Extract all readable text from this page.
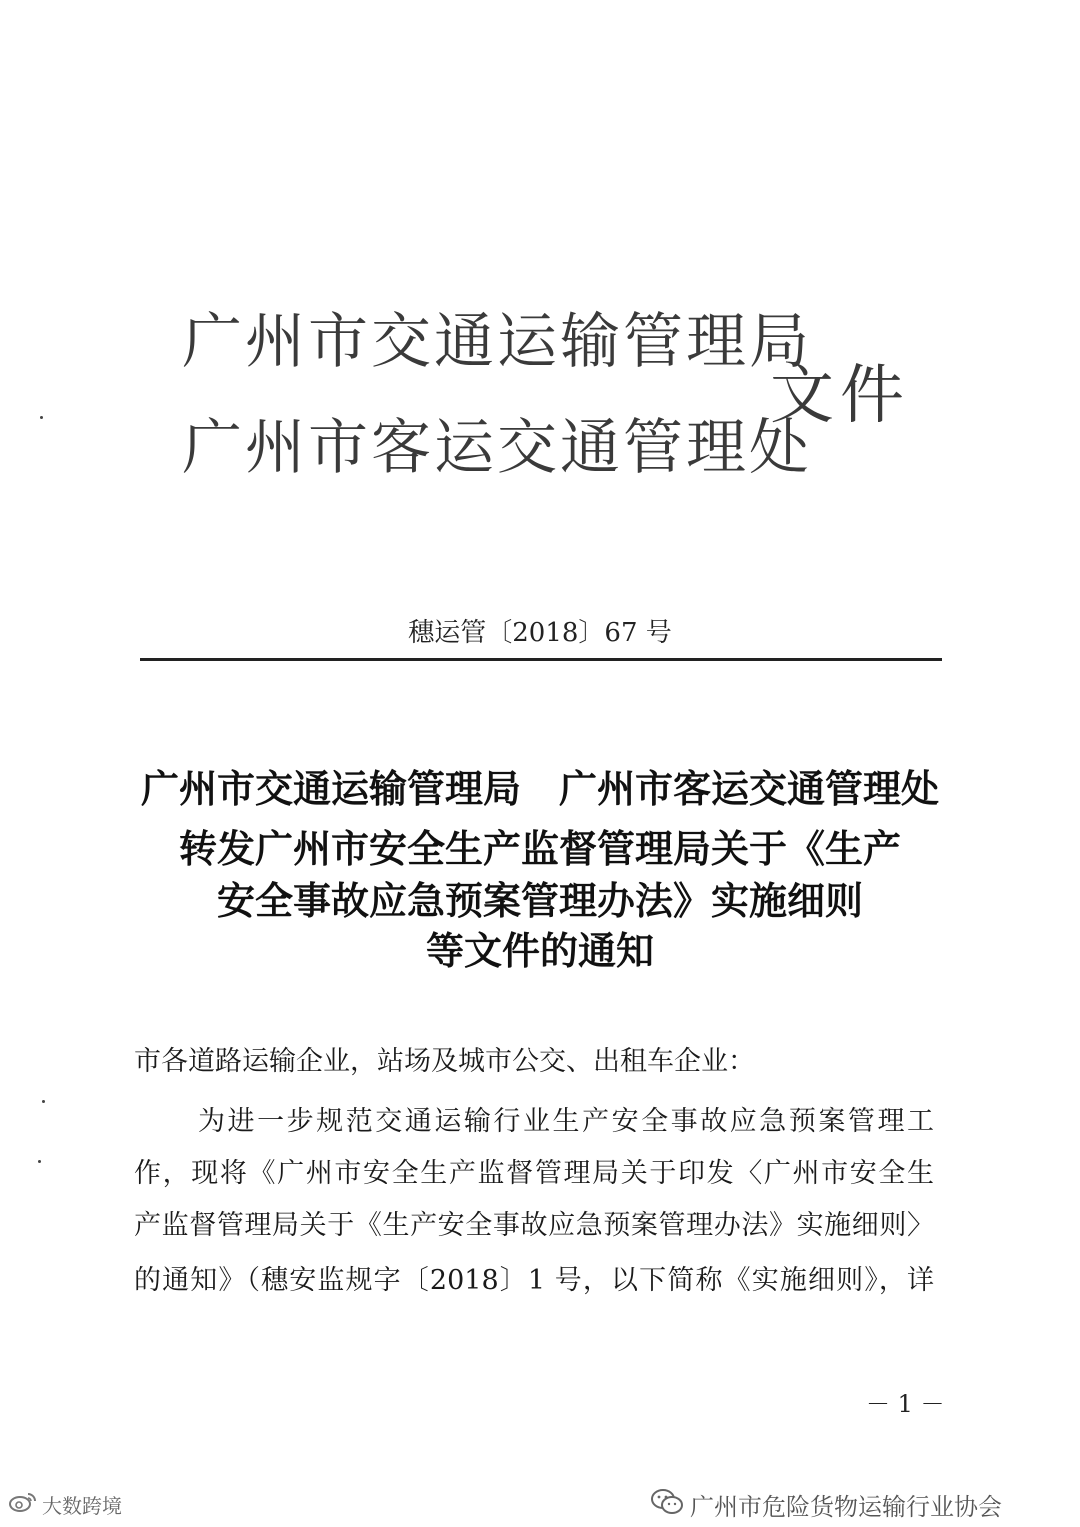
广州市交通运输管理局
广州市客运交通管理处
文件
穗运管〔2018〕67 号
广州市交通运输管理局　广州市客运交通管理处
转发广州市安全生产监督管理局关于《生产
安全事故应急预案管理办法》实施细则
等文件的通知
市各道路运输企业，站场及城市公交、出租车企业：
为进一步规范交通运输行业生产安全事故应急预案管理工
作，现将《广州市安全生产监督管理局关于印发〈广州市安全生
产监督管理局关于《生产安全事故应急预案管理办法》实施细则〉
的通知》（穗安监规字〔2018〕1 号，以下简称《实施细则》，详
－ 1 －
广州市危险货物运输行业协会
大数跨境
